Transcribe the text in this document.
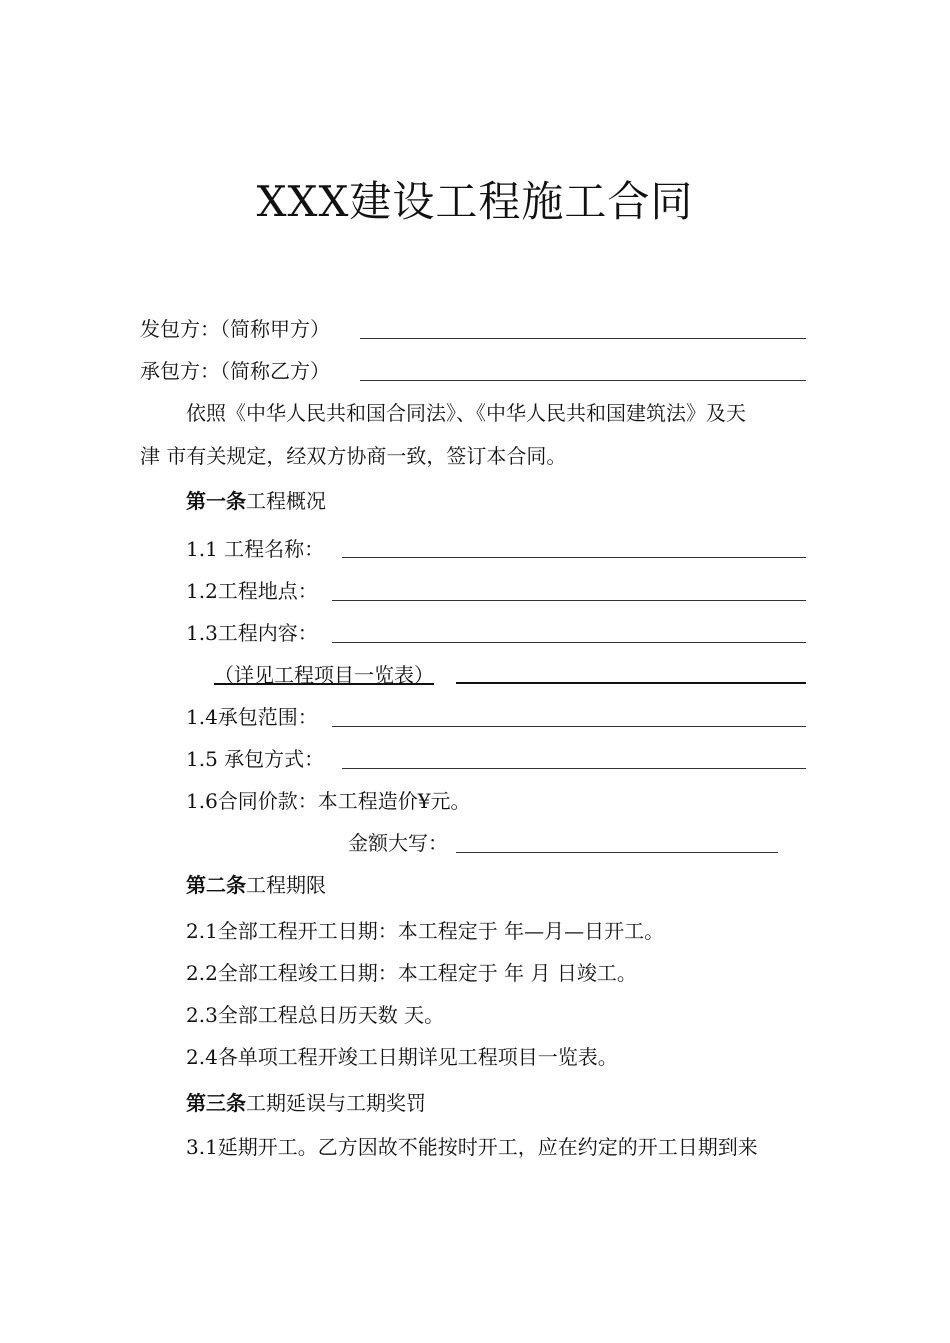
XXX建设工程施工合同
发包方：（简称甲方）
承包方：（简称乙方）
依照《中华人民共和国合同法》、《中华人民共和国建筑法》及天
津 市有关规定，经双方协商一致，签订本合同。
第一条工程概况
1.1 工程名称：
1.2工程地点：
1.3工程内容：
（详见工程项目一览表）
1.4承包范围：
1.5 承包方式：
1.6合同价款：本工程造价¥元。
金额大写：
第二条工程期限
2.1全部工程开工日期：本工程定于 年—月—日开工。
2.2全部工程竣工日期：本工程定于 年 月 日竣工。
2.3全部工程总日历天数 天。
2.4各单项工程开竣工日期详见工程项目一览表。
第三条工期延误与工期奖罚
3.1延期开工。乙方因故不能按时开工，应在约定的开工日期到来
